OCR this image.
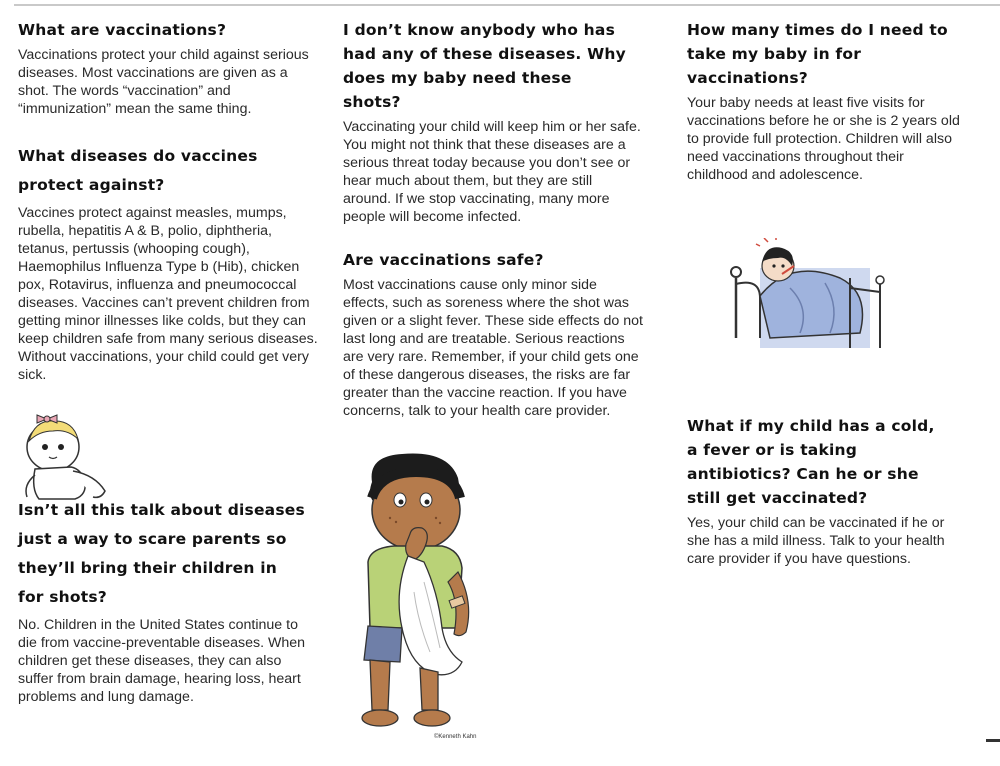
What are vaccinations?

Vaccinations protect your child against serious diseases. Most vaccinations are given as a shot. The words “vaccination” and “immunization” mean the same thing.

What diseases do vaccines protect against?

Vaccines protect against measles, mumps, rubella, hepatitis A & B, polio, diphtheria, tetanus, pertussis (whooping cough), Haemophilus Influenza Type b (Hib), chicken pox, Rotavirus, influenza and pneumococcal diseases. Vaccines can’t prevent children from getting minor illnesses like colds, but they can keep children safe from many serious diseases. Without vaccinations, your child could get very sick.

Isn’t all this talk about diseases just a way to scare parents so they’ll bring their children in for shots?

No. Children in the United States continue to die from vaccine-preventable diseases. When children get these diseases, they can also suffer from brain damage, hearing loss, heart problems and lung damage.

I don’t know anybody who has had any of these diseases. Why does my baby need these shots?

Vaccinating your child will keep him or her safe. You might not think that these diseases are a serious threat today because you don’t see or hear much about them, but they are still around. If we stop vaccinating, many more people will become infected.

Are vaccinations safe?

Most vaccinations cause only minor side effects, such as soreness where the shot was given or a slight fever. These side effects do not last long and are treatable. Serious reactions are very rare. Remember, if your child gets one of these dangerous diseases, the risks are far greater than the vaccine reaction. If you have concerns, talk to your health care provider.

How many times do I need to take my baby in for vaccinations?

Your baby needs at least five visits for vaccinations before he or she is 2 years old to provide full protection. Children will also need vaccinations throughout their childhood and adolescence.

What if my child has a cold, a fever or is taking antibiotics? Can he or she still get vaccinated?

Yes, your child can be vaccinated if he or she has a mild illness. Talk to your health care provider if you have questions.

©Kenneth Kahn
